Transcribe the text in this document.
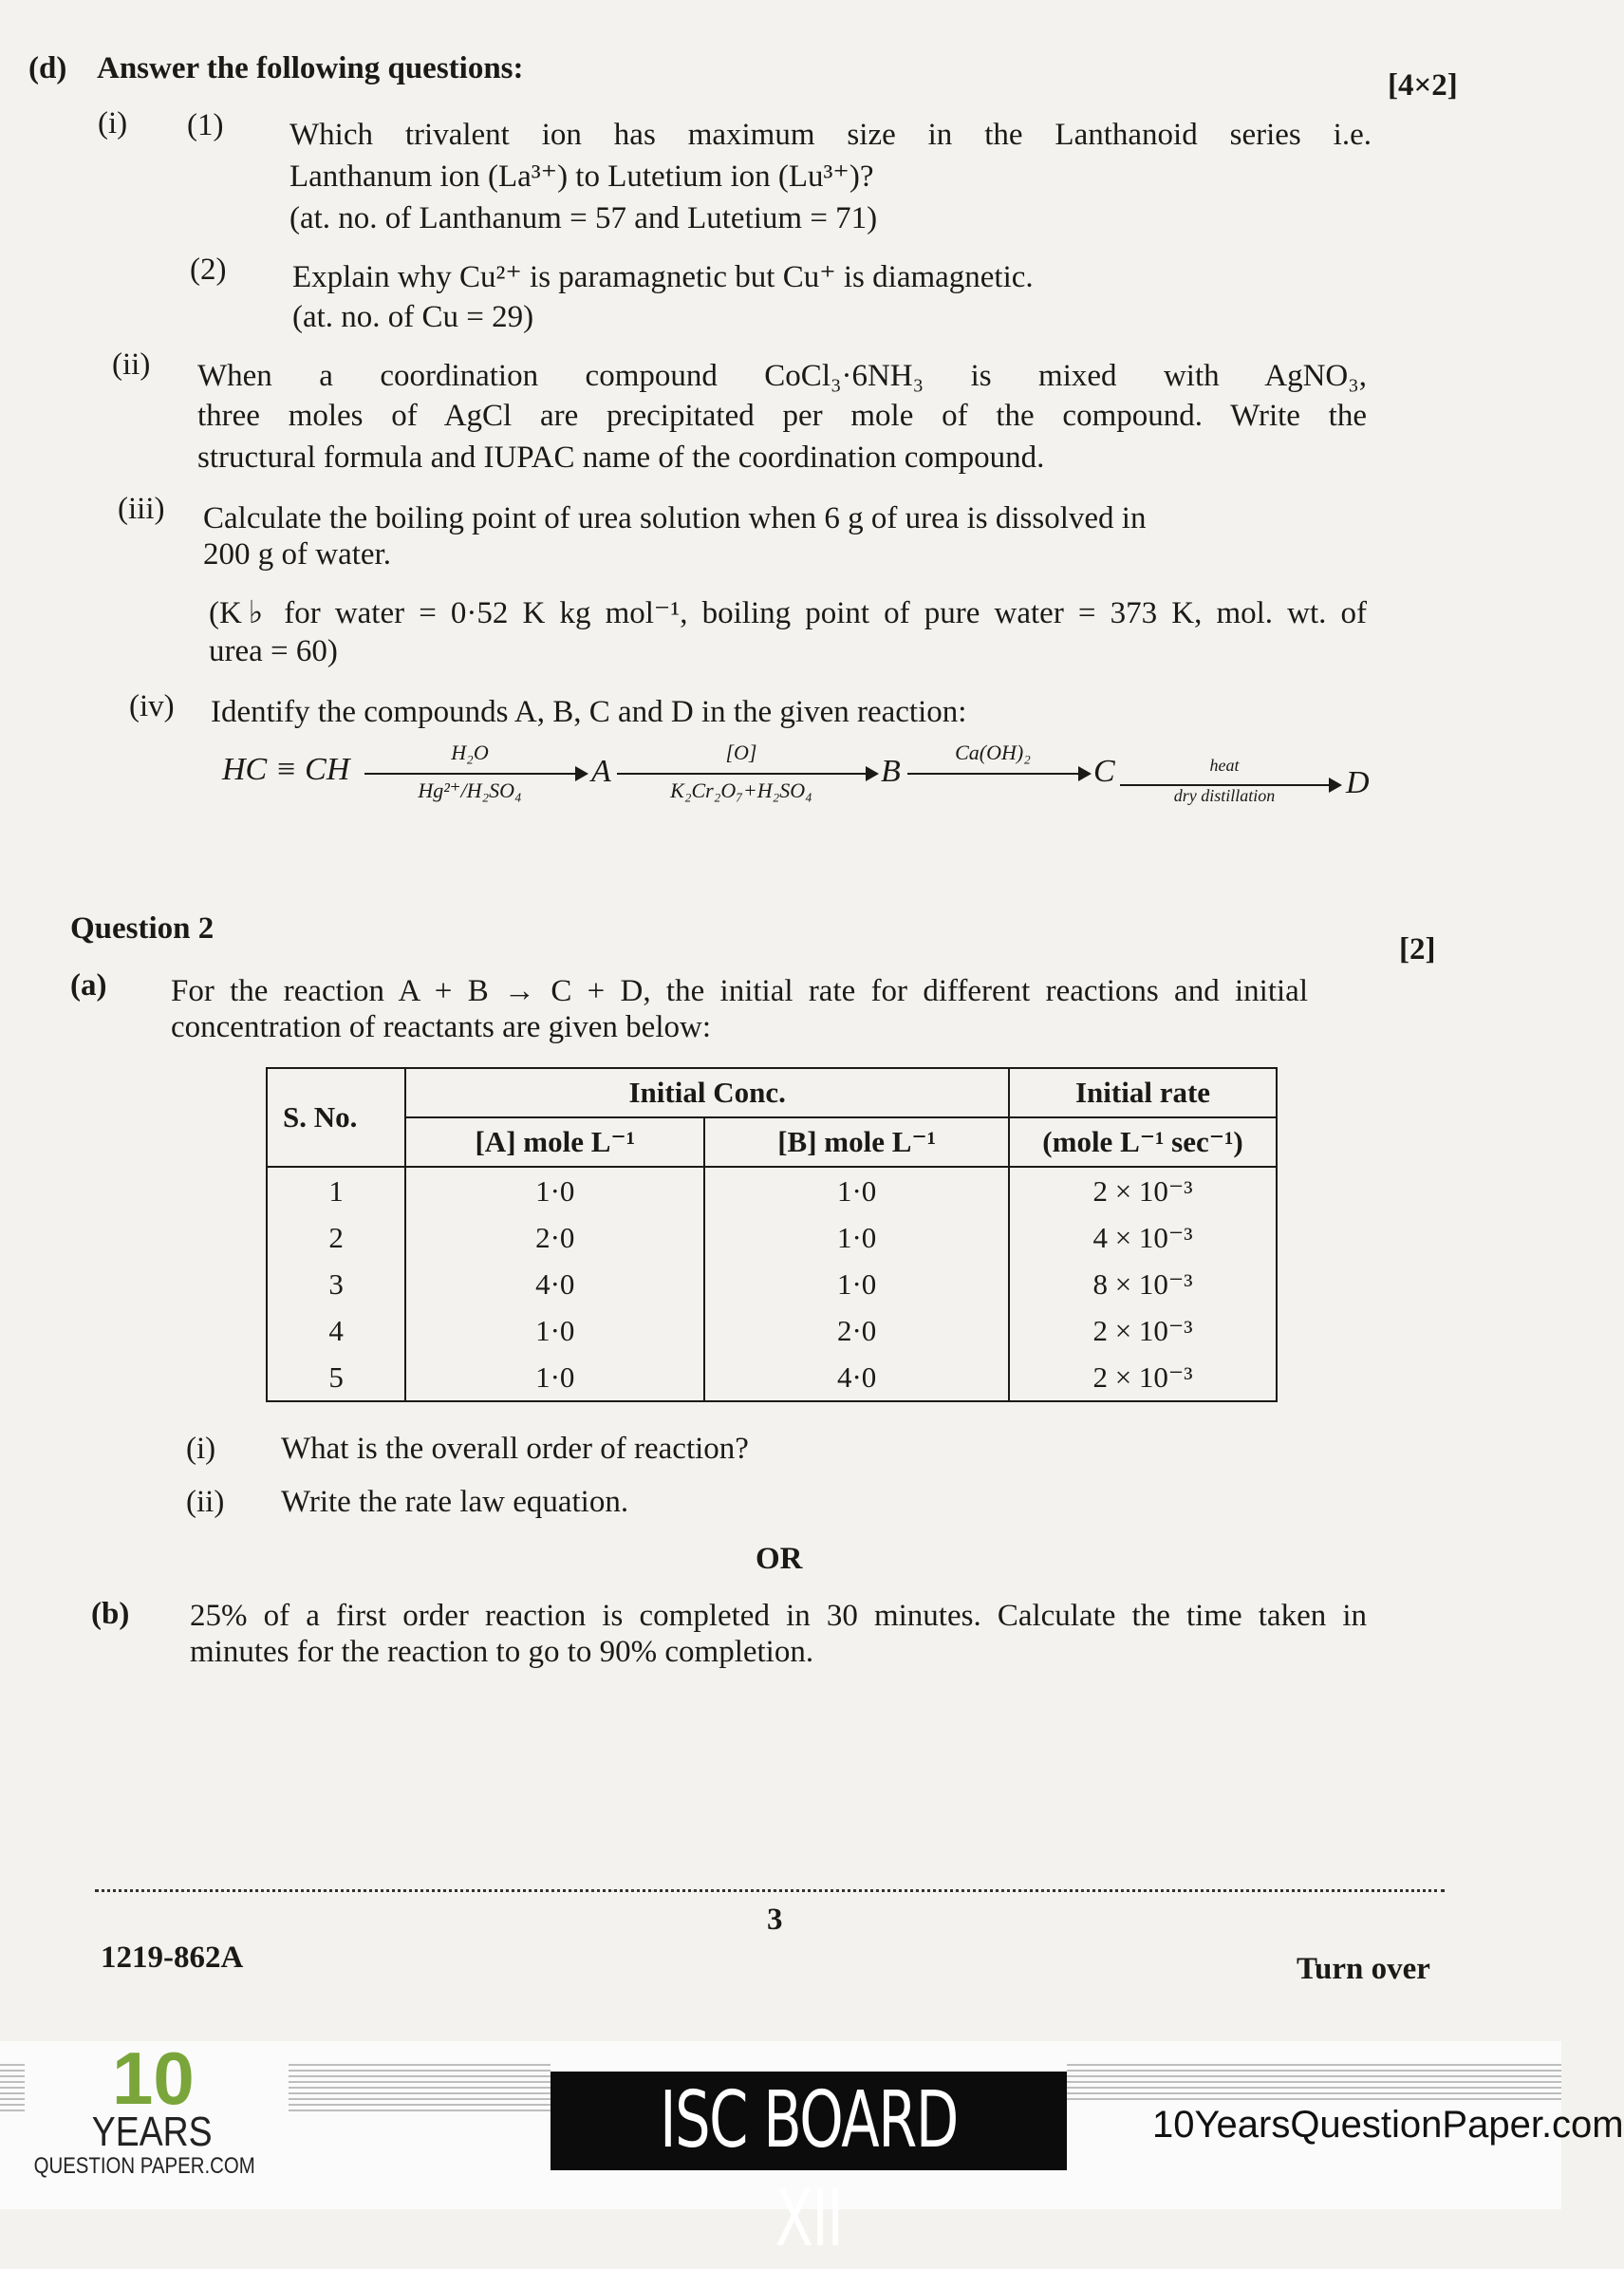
(d) Answer the following questions:	[4×2]
(i) (1) Which trivalent ion has maximum size in the Lanthanoid series i.e.
Lanthanum ion (La³⁺) to Lutetium ion (Lu³⁺)?
(at. no. of Lanthanum = 57 and Lutetium = 71)
(2) Explain why Cu²⁺ is paramagnetic but Cu⁺ is diamagnetic.
(at. no. of Cu = 29)
(ii) When a coordination compound CoCl₃·6NH₃ is mixed with AgNO₃,
three moles of AgCl are precipitated per mole of the compound. Write the
structural formula and IUPAC name of the coordination compound.
(iii) Calculate the boiling point of urea solution when 6 g of urea is dissolved in
200 g of water.
(K♭ for water = 0·52 K kg mol⁻¹, boiling point of pure water = 373 K, mol. wt. of
urea = 60)
(iv) Identify the compounds A, B, C and D in the given reaction:
HC ≡ CH	H₂O
Hg²⁺/H₂SO₄
A
[O]
K₂Cr₂O₇+H₂SO₄
B
Ca(OH)₂
C	heat
dry distillation	D
Question 2
[2]
(a) For the reaction A + B → C + D, the initial rate for different reactions and initial
concentration of reactants are given below:
S. No.	Initial Conc.		Initial rate
	[A] mole L⁻¹	[B] mole L⁻¹	(mole L⁻¹ sec⁻¹)
1	1·0	1·0	2 × 10⁻³
2	2·0	1·0	4 × 10⁻³
3	4·0	1·0	8 × 10⁻³
4	1·0	2·0	2 × 10⁻³
5	1·0	4·0	2 × 10⁻³
(i) What is the overall order of reaction?
(ii) Write the rate law equation.
OR
(b) 25% of a first order reaction is completed in 30 minutes. Calculate the time taken in
minutes for the reaction to go to 90% completion.
3
1219-862A	Turn over
10
YEARS
QUESTION PAPER.COM
ISC BOARD XII
10YearsQuestionPaper.com
